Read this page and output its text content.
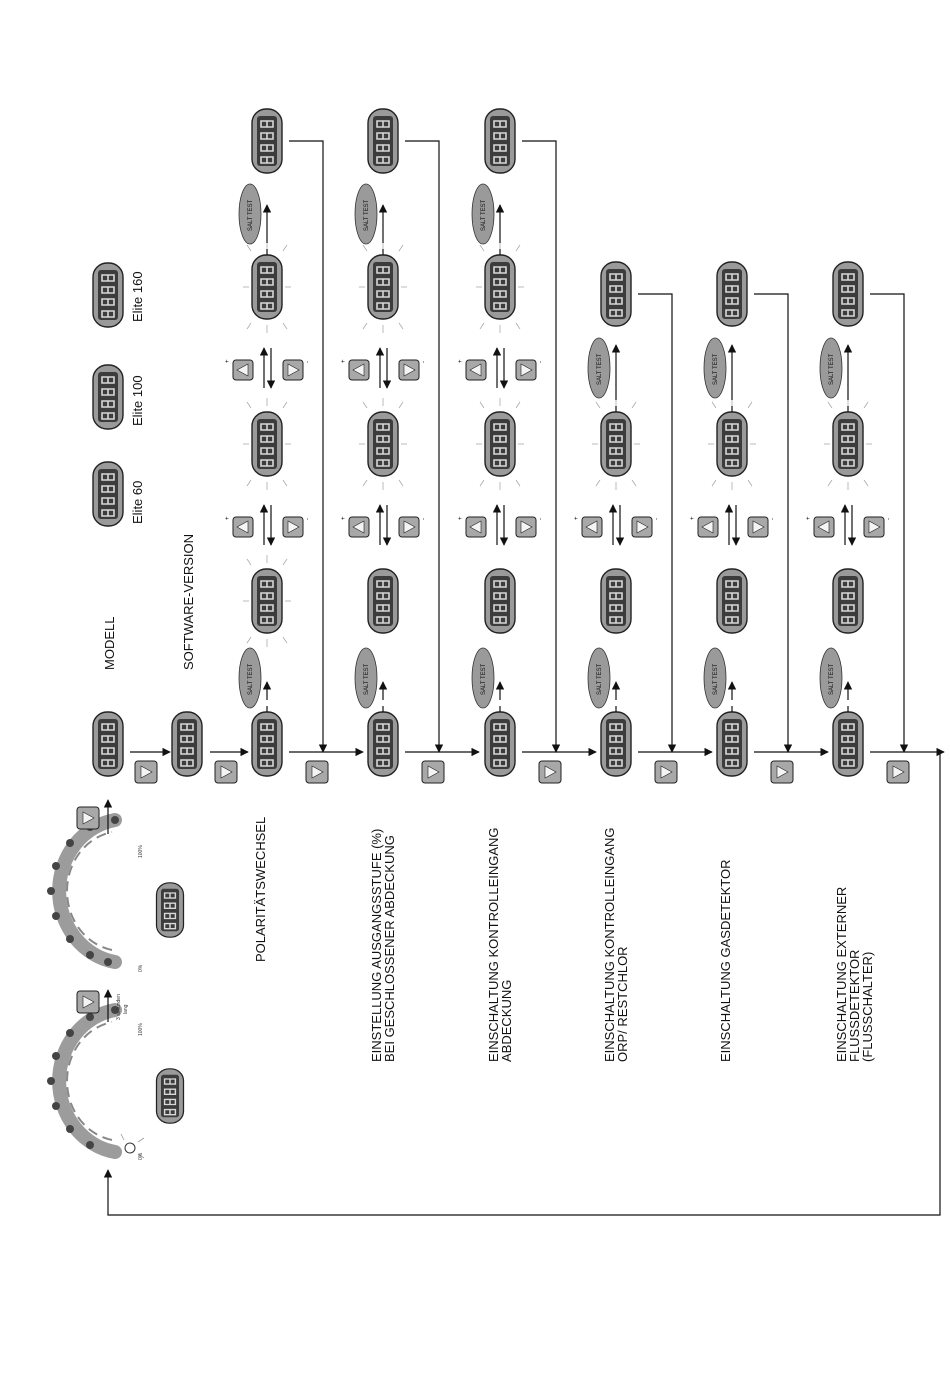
0%
100%
3 sekunden lang
0%
100%
MODELL	SOFTWARE-VERSION
Elite 60
Elite 100
Elite 160
SALT TEST
+	-
+	-
SALT TEST
POLARITÄTSWECHSEL
SALT TEST
+	-
+	-
SALT TEST
EINSTELLUNG AUSGANGSSTUFE (%)
BEI GESCHLOSSENER ABDECKUNG
SALT TEST
+	-
+	-
SALT TEST
EINSCHALTUNG KONTROLLEINGANG
ABDECKUNG
SALT TEST
+	-
SALT TEST
EINSCHALTUNG KONTROLLEINGANG
ORP/ RESTCHLOR
SALT TEST
+	-
SALT TEST
EINSCHALTUNG GASDETEKTOR
SALT TEST
+	-
SALT TEST
EINSCHALTUNG EXTERNER
FLUSSDETEKTOR
(FLUSSCHALTER)
